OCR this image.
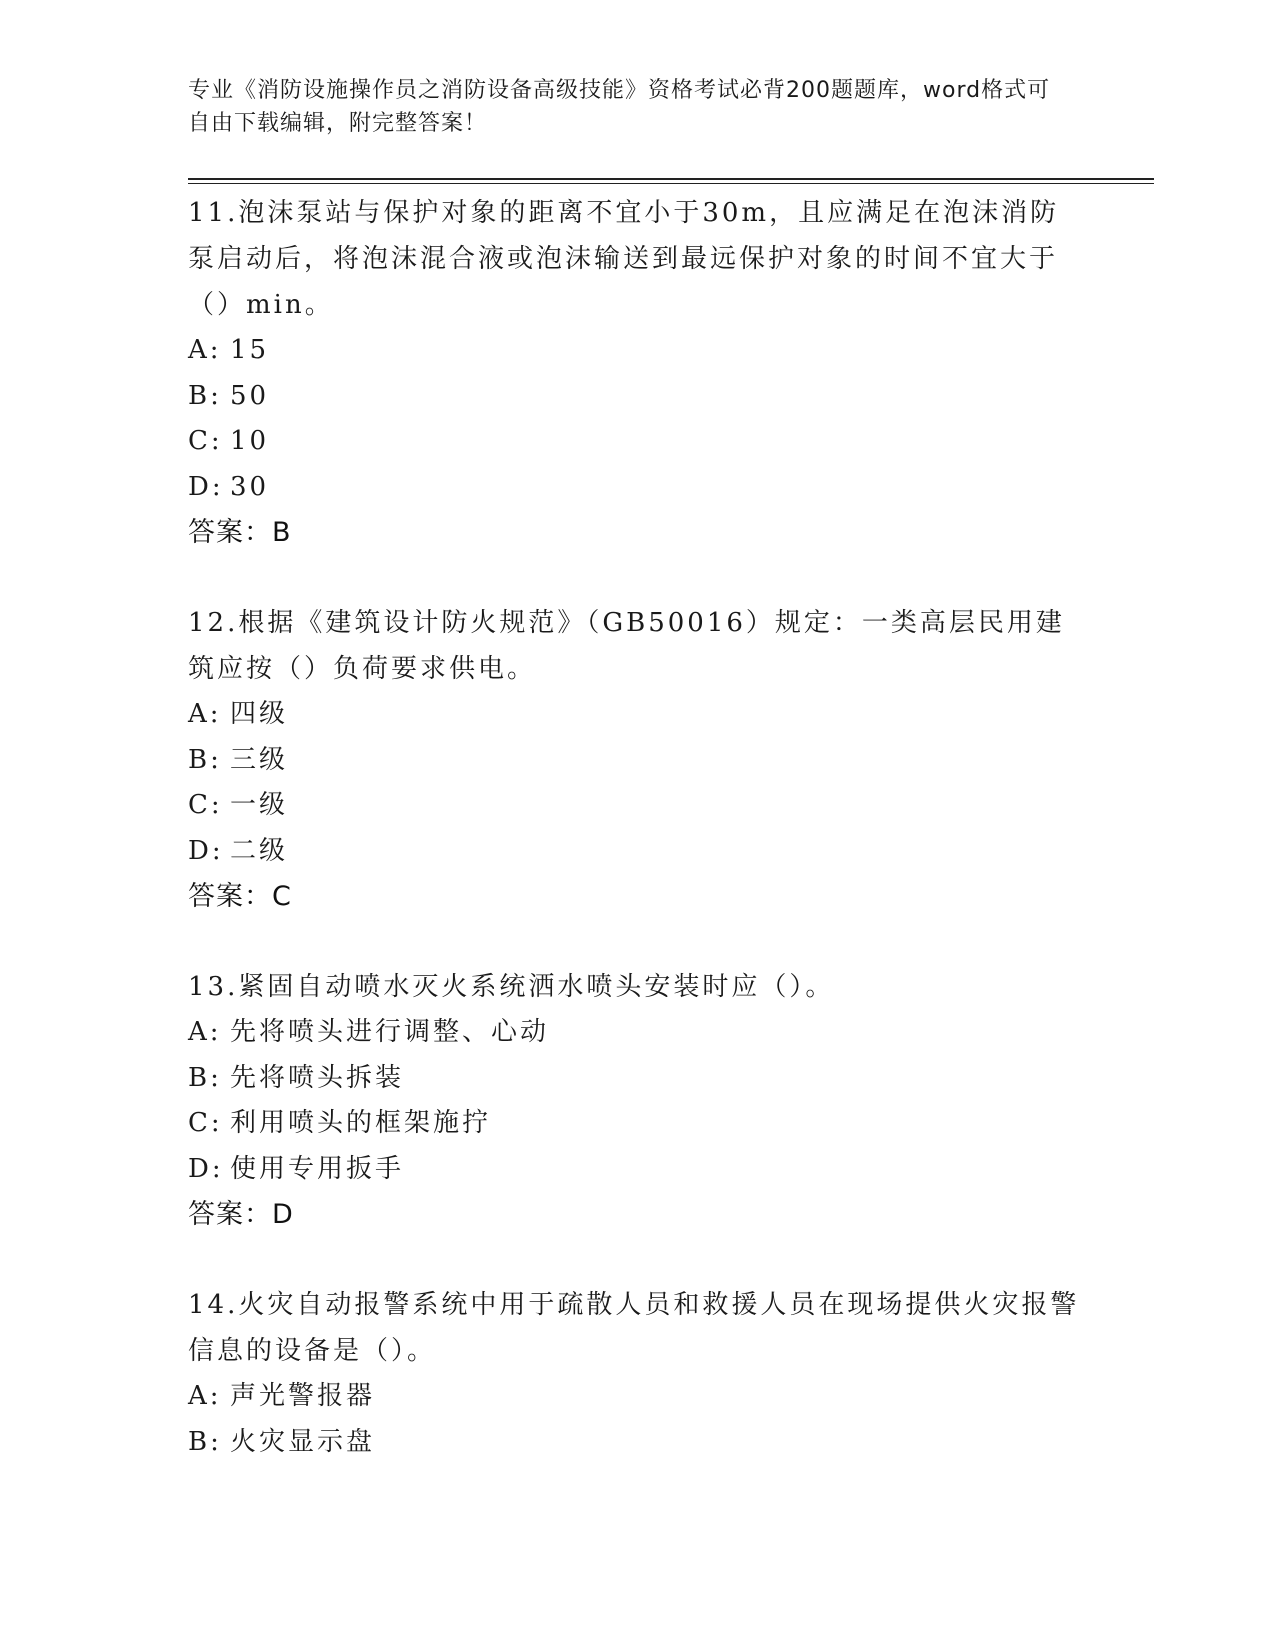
专业《消防设施操作员之消防设备高级技能》资格考试必背200题题库，word格式可自由下载编辑，附完整答案！

11.泡沫泵站与保护对象的距离不宜小于30m，且应满足在泡沫消防泵启动后，将泡沫混合液或泡沫输送到最远保护对象的时间不宜大于（）min。

A: 15
B: 50
C: 10
D: 30
答案：B

12.根据《建筑设计防火规范》（GB50016）规定：一类高层民用建筑应按（）负荷要求供电。

A: 四级
B: 三级
C: 一级
D: 二级
答案：C

13.紧固自动喷水灭火系统洒水喷头安装时应（）。

A: 先将喷头进行调整、心动
B: 先将喷头拆装
C: 利用喷头的框架施拧
D: 使用专用扳手
答案：D

14.火灾自动报警系统中用于疏散人员和救援人员在现场提供火灾报警信息的设备是（）。

A: 声光警报器
B: 火灾显示盘
